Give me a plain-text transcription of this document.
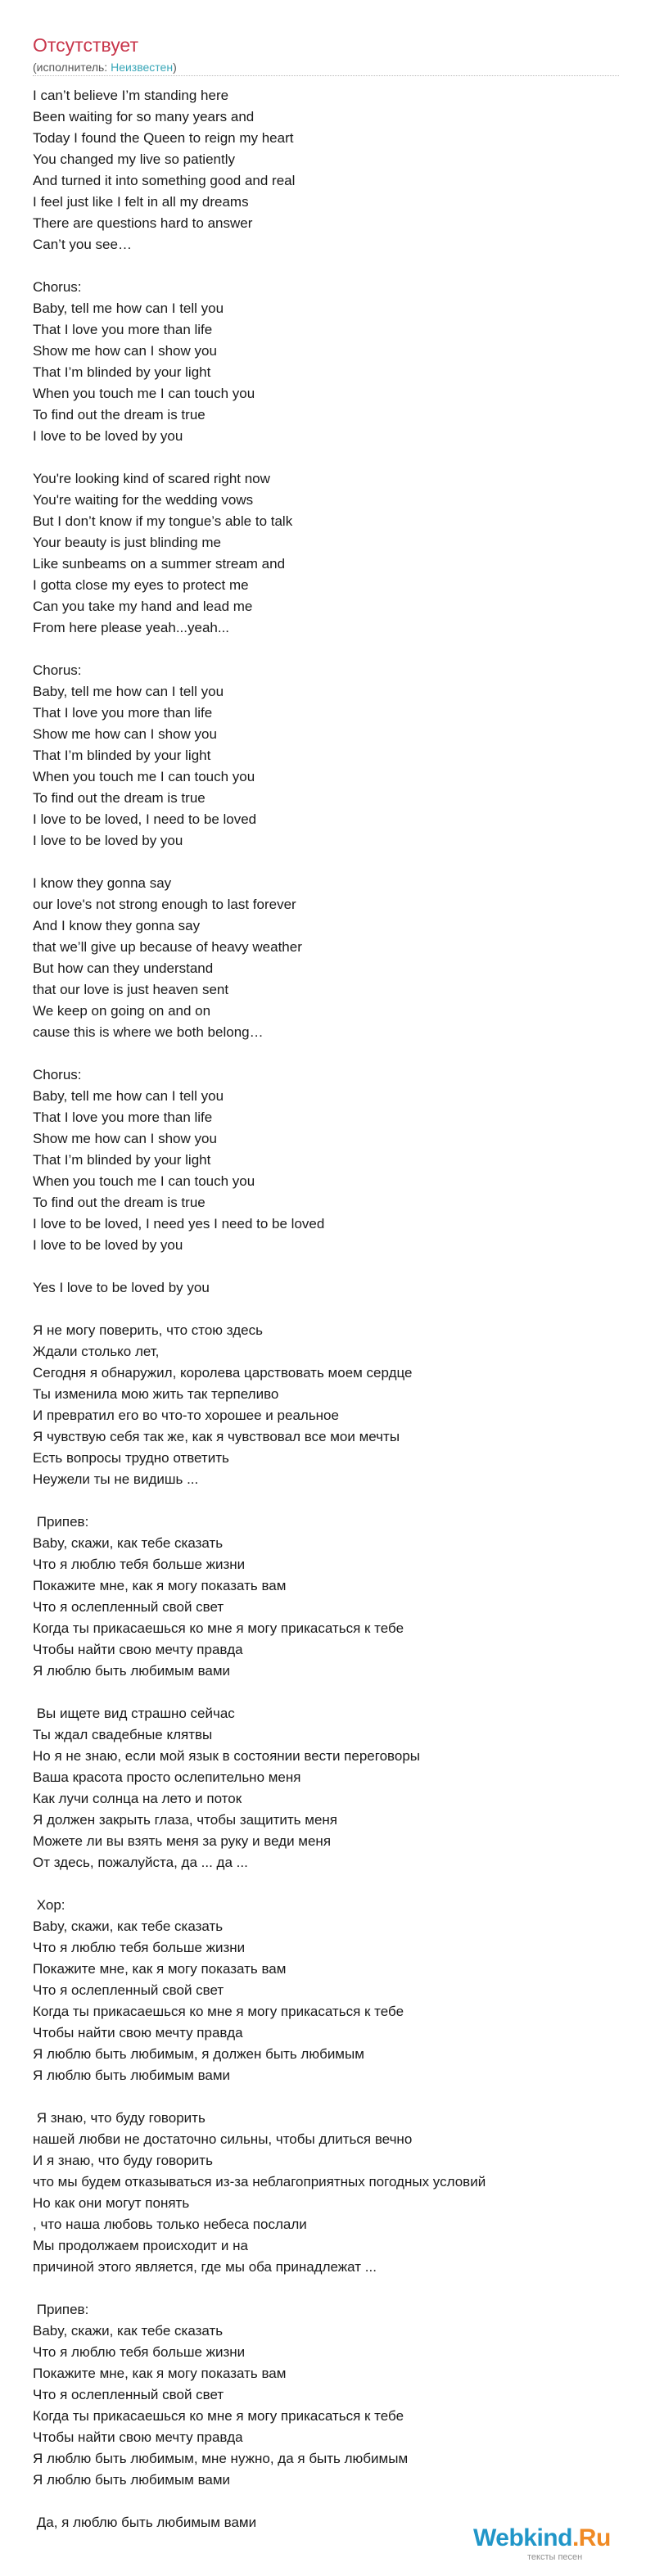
Отсутствует
(исполнитель: Неизвестен)
I can’t believe I’m standing here
Been waiting for so many years and
Today I found the Queen to reign my heart
You changed my live so patiently
And turned it into something good and real
I feel just like I felt in all my dreams
There are questions hard to answer
Can’t you see…
Chorus:
Baby, tell me how can I tell you
That I love you more than life
Show me how can I show you
That I’m blinded by your light
When you touch me I can touch you
To find out the dream is true
I love to be loved by you
You're looking kind of scared right now
You're waiting for the wedding vows
But I don’t know if my tongue’s able to talk
Your beauty is just blinding me
Like sunbeams on a summer stream and
I gotta close my eyes to protect me
Can you take my hand and lead me
From here please yeah...yeah...
Chorus:
Baby, tell me how can I tell you
That I love you more than life
Show me how can I show you
That I’m blinded by your light
When you touch me I can touch you
To find out the dream is true
I love to be loved, I need to be loved
I love to be loved by you
I know they gonna say
our love's not strong enough to last forever
And I know they gonna say
that we’ll give up because of heavy weather
But how can they understand
that our love is just heaven sent
We keep on going on and on
cause this is where we both belong…
Chorus:
Baby, tell me how can I tell you
That I love you more than life
Show me how can I show you
That I’m blinded by your light
When you touch me I can touch you
To find out the dream is true
I love to be loved, I need yes I need to be loved
I love to be loved by you
Yes I love to be loved by you
Я не могу поверить, что стою здесь
Ждали столько лет,
Сегодня я обнаружил, королева царствовать моем сердце
Ты изменила мою жить так терпеливо
И превратил его во что-то хорошее и реальное
Я чувствую себя так же, как я чувствовал все мои мечты
Есть вопросы трудно ответить
Неужели ты не видишь ...
Припев:
Baby, скажи, как тебе сказать
Что я люблю тебя больше жизни
Покажите мне, как я могу показать вам
Что я ослепленный свой свет
Когда ты прикасаешься ко мне я могу прикасаться к тебе
Чтобы найти свою мечту правда
Я люблю быть любимым вами
Вы ищете вид страшно сейчас
Ты ждал свадебные клятвы
Но я не знаю, если мой язык в состоянии вести переговоры
Ваша красота просто ослепительно меня
Как лучи солнца на лето и поток
Я должен закрыть глаза, чтобы защитить меня
Можете ли вы взять меня за руку и веди меня
От здесь, пожалуйста, да ... да ...
Хор:
Baby, скажи, как тебе сказать
Что я люблю тебя больше жизни
Покажите мне, как я могу показать вам
Что я ослепленный свой свет
Когда ты прикасаешься ко мне я могу прикасаться к тебе
Чтобы найти свою мечту правда
Я люблю быть любимым, я должен быть любимым
Я люблю быть любимым вами
Я знаю, что буду говорить
нашей любви не достаточно сильны, чтобы длиться вечно
И я знаю, что буду говорить
что мы будем отказываться из-за неблагоприятных погодных условий
Но как они могут понять
, что наша любовь только небеса послали
Мы продолжаем происходит и на
причиной этого является, где мы оба принадлежат ...
Припев:
Baby, скажи, как тебе сказать
Что я люблю тебя больше жизни
Покажите мне, как я могу показать вам
Что я ослепленный свой свет
Когда ты прикасаешься ко мне я могу прикасаться к тебе
Чтобы найти свою мечту правда
Я люблю быть любимым, мне нужно, да я быть любимым
Я люблю быть любимым вами
Да, я люблю быть любимым вами
Webkind.Ru
тексты песен
